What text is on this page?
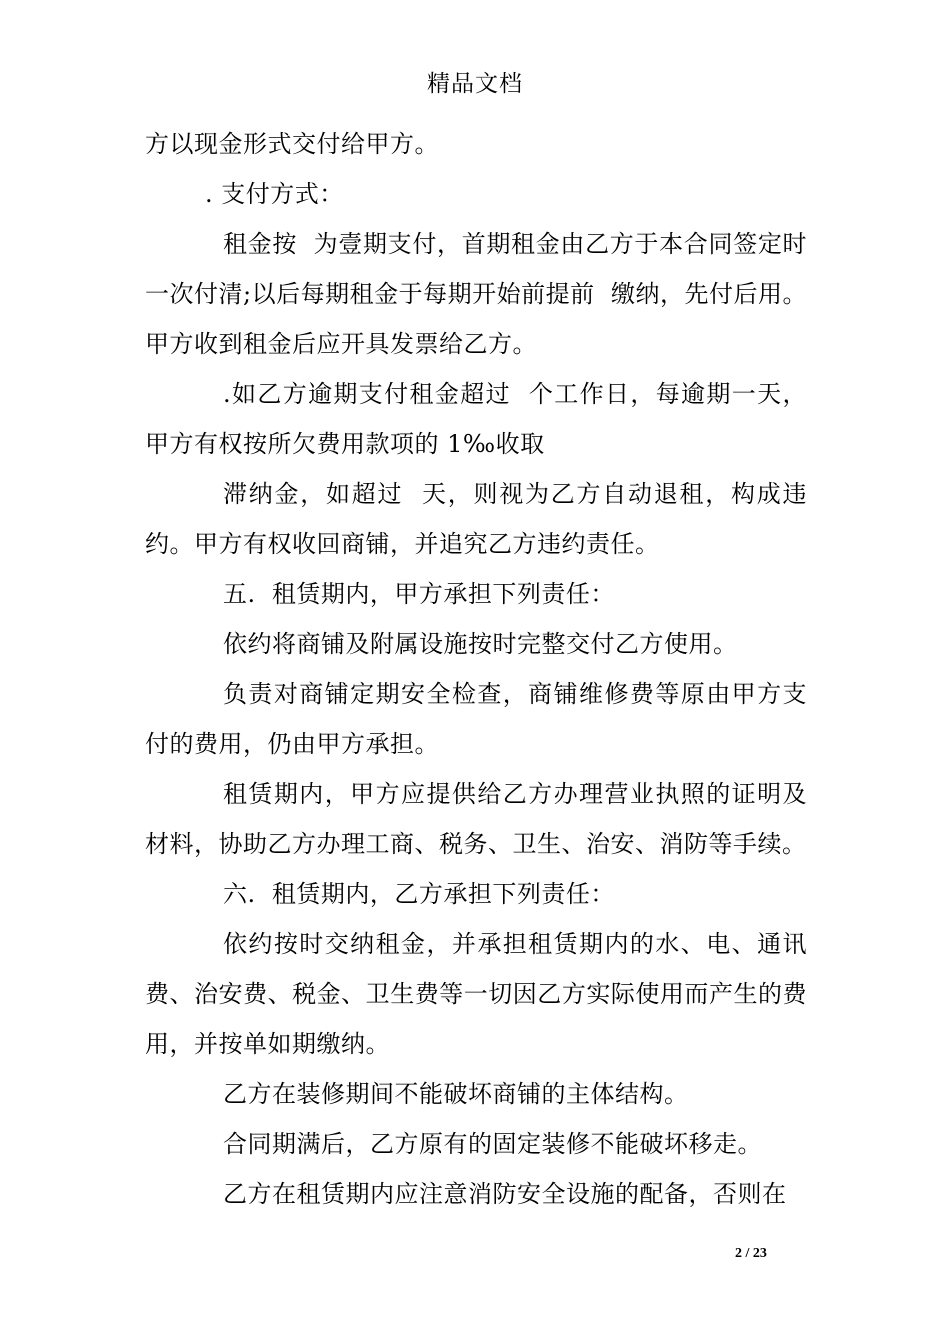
精品文档

方以现金形式交付给甲方。

. 支付方式：

租金按  为壹期支付，首期租金由乙方于本合同签定时一次付清;以后每期租金于每期开始前提前  缴纳，先付后用。甲方收到租金后应开具发票给乙方。

.如乙方逾期支付租金超过  个工作日，每逾期一天，甲方有权按所欠费用款项的 1‰收取

滞纳金，如超过  天，则视为乙方自动退租，构成违约。甲方有权收回商铺，并追究乙方违约责任。

五.  租赁期内，甲方承担下列责任：

依约将商铺及附属设施按时完整交付乙方使用。

负责对商铺定期安全检查，商铺维修费等原由甲方支付的费用，仍由甲方承担。

租赁期内，甲方应提供给乙方办理营业执照的证明及材料，协助乙方办理工商、税务、卫生、治安、消防等手续。

六.  租赁期内，乙方承担下列责任：

依约按时交纳租金，并承担租赁期内的水、电、通讯费、治安费、税金、卫生费等一切因乙方实际使用而产生的费用，并按单如期缴纳。

乙方在装修期间不能破坏商铺的主体结构。

合同期满后，乙方原有的固定装修不能破坏移走。

乙方在租赁期内应注意消防安全设施的配备，否则在

2 / 23
